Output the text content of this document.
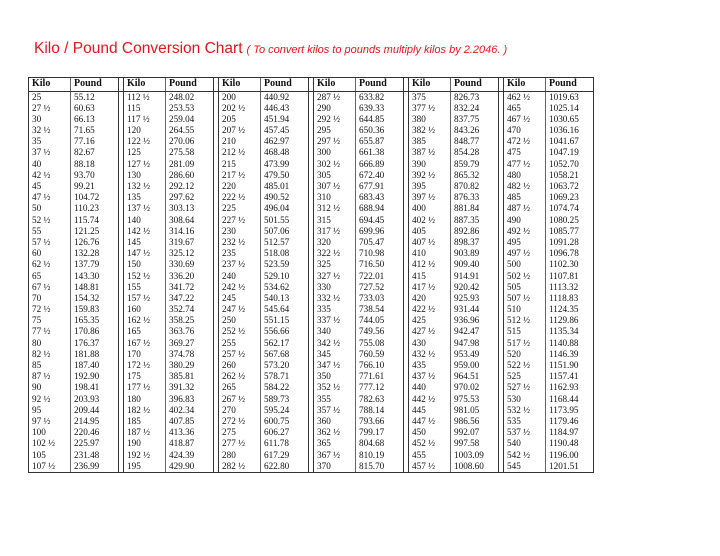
Kilo / Pound Conversion Chart ( To convert kilos to pounds multiply kilos by 2.2046. )
Kilo	Pound		Kilo	Pound		Kilo	Pound		Kilo	Pound		Kilo	Pound		Kilo	Pound
25	55.12		112 ½	248.02		200	440.92		287 ½	633.82		375	826.73		462 ½	1019.63
27 ½	60.63		115	253.53		202 ½	446.43		290	639.33		377 ½	832.24		465	1025.14
30	66.13		117 ½	259.04		205	451.94		292 ½	644.85		380	837.75		467 ½	1030.65
32 ½	71.65		120	264.55		207 ½	457.45		295	650.36		382 ½	843.26		470	1036.16
35	77.16		122 ½	270.06		210	462.97		297 ½	655.87		385	848.77		472 ½	1041.67
37 ½	82.67		125	275.58		212 ½	468.48		300	661.38		387 ½	854.28		475	1047.19
40	88.18		127 ½	281.09		215	473.99		302 ½	666.89		390	859.79		477 ½	1052.70
42 ½	93.70		130	286.60		217 ½	479.50		305	672.40		392 ½	865.32		480	1058.21
45	99.21		132 ½	292.12		220	485.01		307 ½	677.91		395	870.82		482 ½	1063.72
47 ½	104.72		135	297.62		222 ½	490.52		310	683.43		397 ½	876.33		485	1069.23
50	110.23		137 ½	303.13		225	496.04		312 ½	688.94		400	881.84		487 ½	1074.74
52 ½	115.74		140	308.64		227 ½	501.55		315	694.45		402 ½	887.35		490	1080.25
55	121.25		142 ½	314.16		230	507.06		317 ½	699.96		405	892.86		492 ½	1085.77
57 ½	126.76		145	319.67		232 ½	512.57		320	705.47		407 ½	898.37		495	1091.28
60	132.28		147 ½	325.12		235	518.08		322 ½	710.98		410	903.89		497 ½	1096.78
62 ½	137.79		150	330.69		237 ½	523.59		325	716.50		412 ½	909.40		500	1102.30
65	143.30		152 ½	336.20		240	529.10		327 ½	722.01		415	914.91		502 ½	1107.81
67 ½	148.81		155	341.72		242 ½	534.62		330	727.52		417 ½	920.42		505	1113.32
70	154.32		157 ½	347.22		245	540.13		332 ½	733.03		420	925.93		507 ½	1118.83
72 ½	159.83		160	352.74		247 ½	545.64		335	738.54		422 ½	931.44		510	1124.35
75	165.35		162 ½	358.25		250	551.15		337 ½	744.05		425	936.96		512 ½	1129.86
77 ½	170.86		165	363.76		252 ½	556.66		340	749.56		427 ½	942.47		515	1135.34
80	176.37		167 ½	369.27		255	562.17		342 ½	755.08		430	947.98		517 ½	1140.88
82 ½	181.88		170	374.78		257 ½	567.68		345	760.59		432 ½	953.49		520	1146.39
85	187.40		172 ½	380.29		260	573.20		347 ½	766.10		435	959.00		522 ½	1151.90
87 ½	192.90		175	385.81		262 ½	578.71		350	771.61		437 ½	964.51		525	1157.41
90	198.41		177 ½	391.32		265	584.22		352 ½	777.12		440	970.02		527 ½	1162.93
92 ½	203.93		180	396.83		267 ½	589.73		355	782.63		442 ½	975.53		530	1168.44
95	209.44		182 ½	402.34		270	595.24		357 ½	788.14		445	981.05		532 ½	1173.95
97 ½	214.95		185	407.85		272 ½	600.75		360	793.66		447 ½	986.56		535	1179.46
100	220.46		187 ½	413.36		275	606.27		362 ½	799.17		450	992.07		537 ½	1184.97
102 ½	225.97		190	418.87		277 ½	611.78		365	804.68		452 ½	997.58		540	1190.48
105	231.48		192 ½	424.39		280	617.29		367 ½	810.19		455	1003.09		542 ½	1196.00
107 ½	236.99		195	429.90		282 ½	622.80		370	815.70		457 ½	1008.60		545	1201.51
